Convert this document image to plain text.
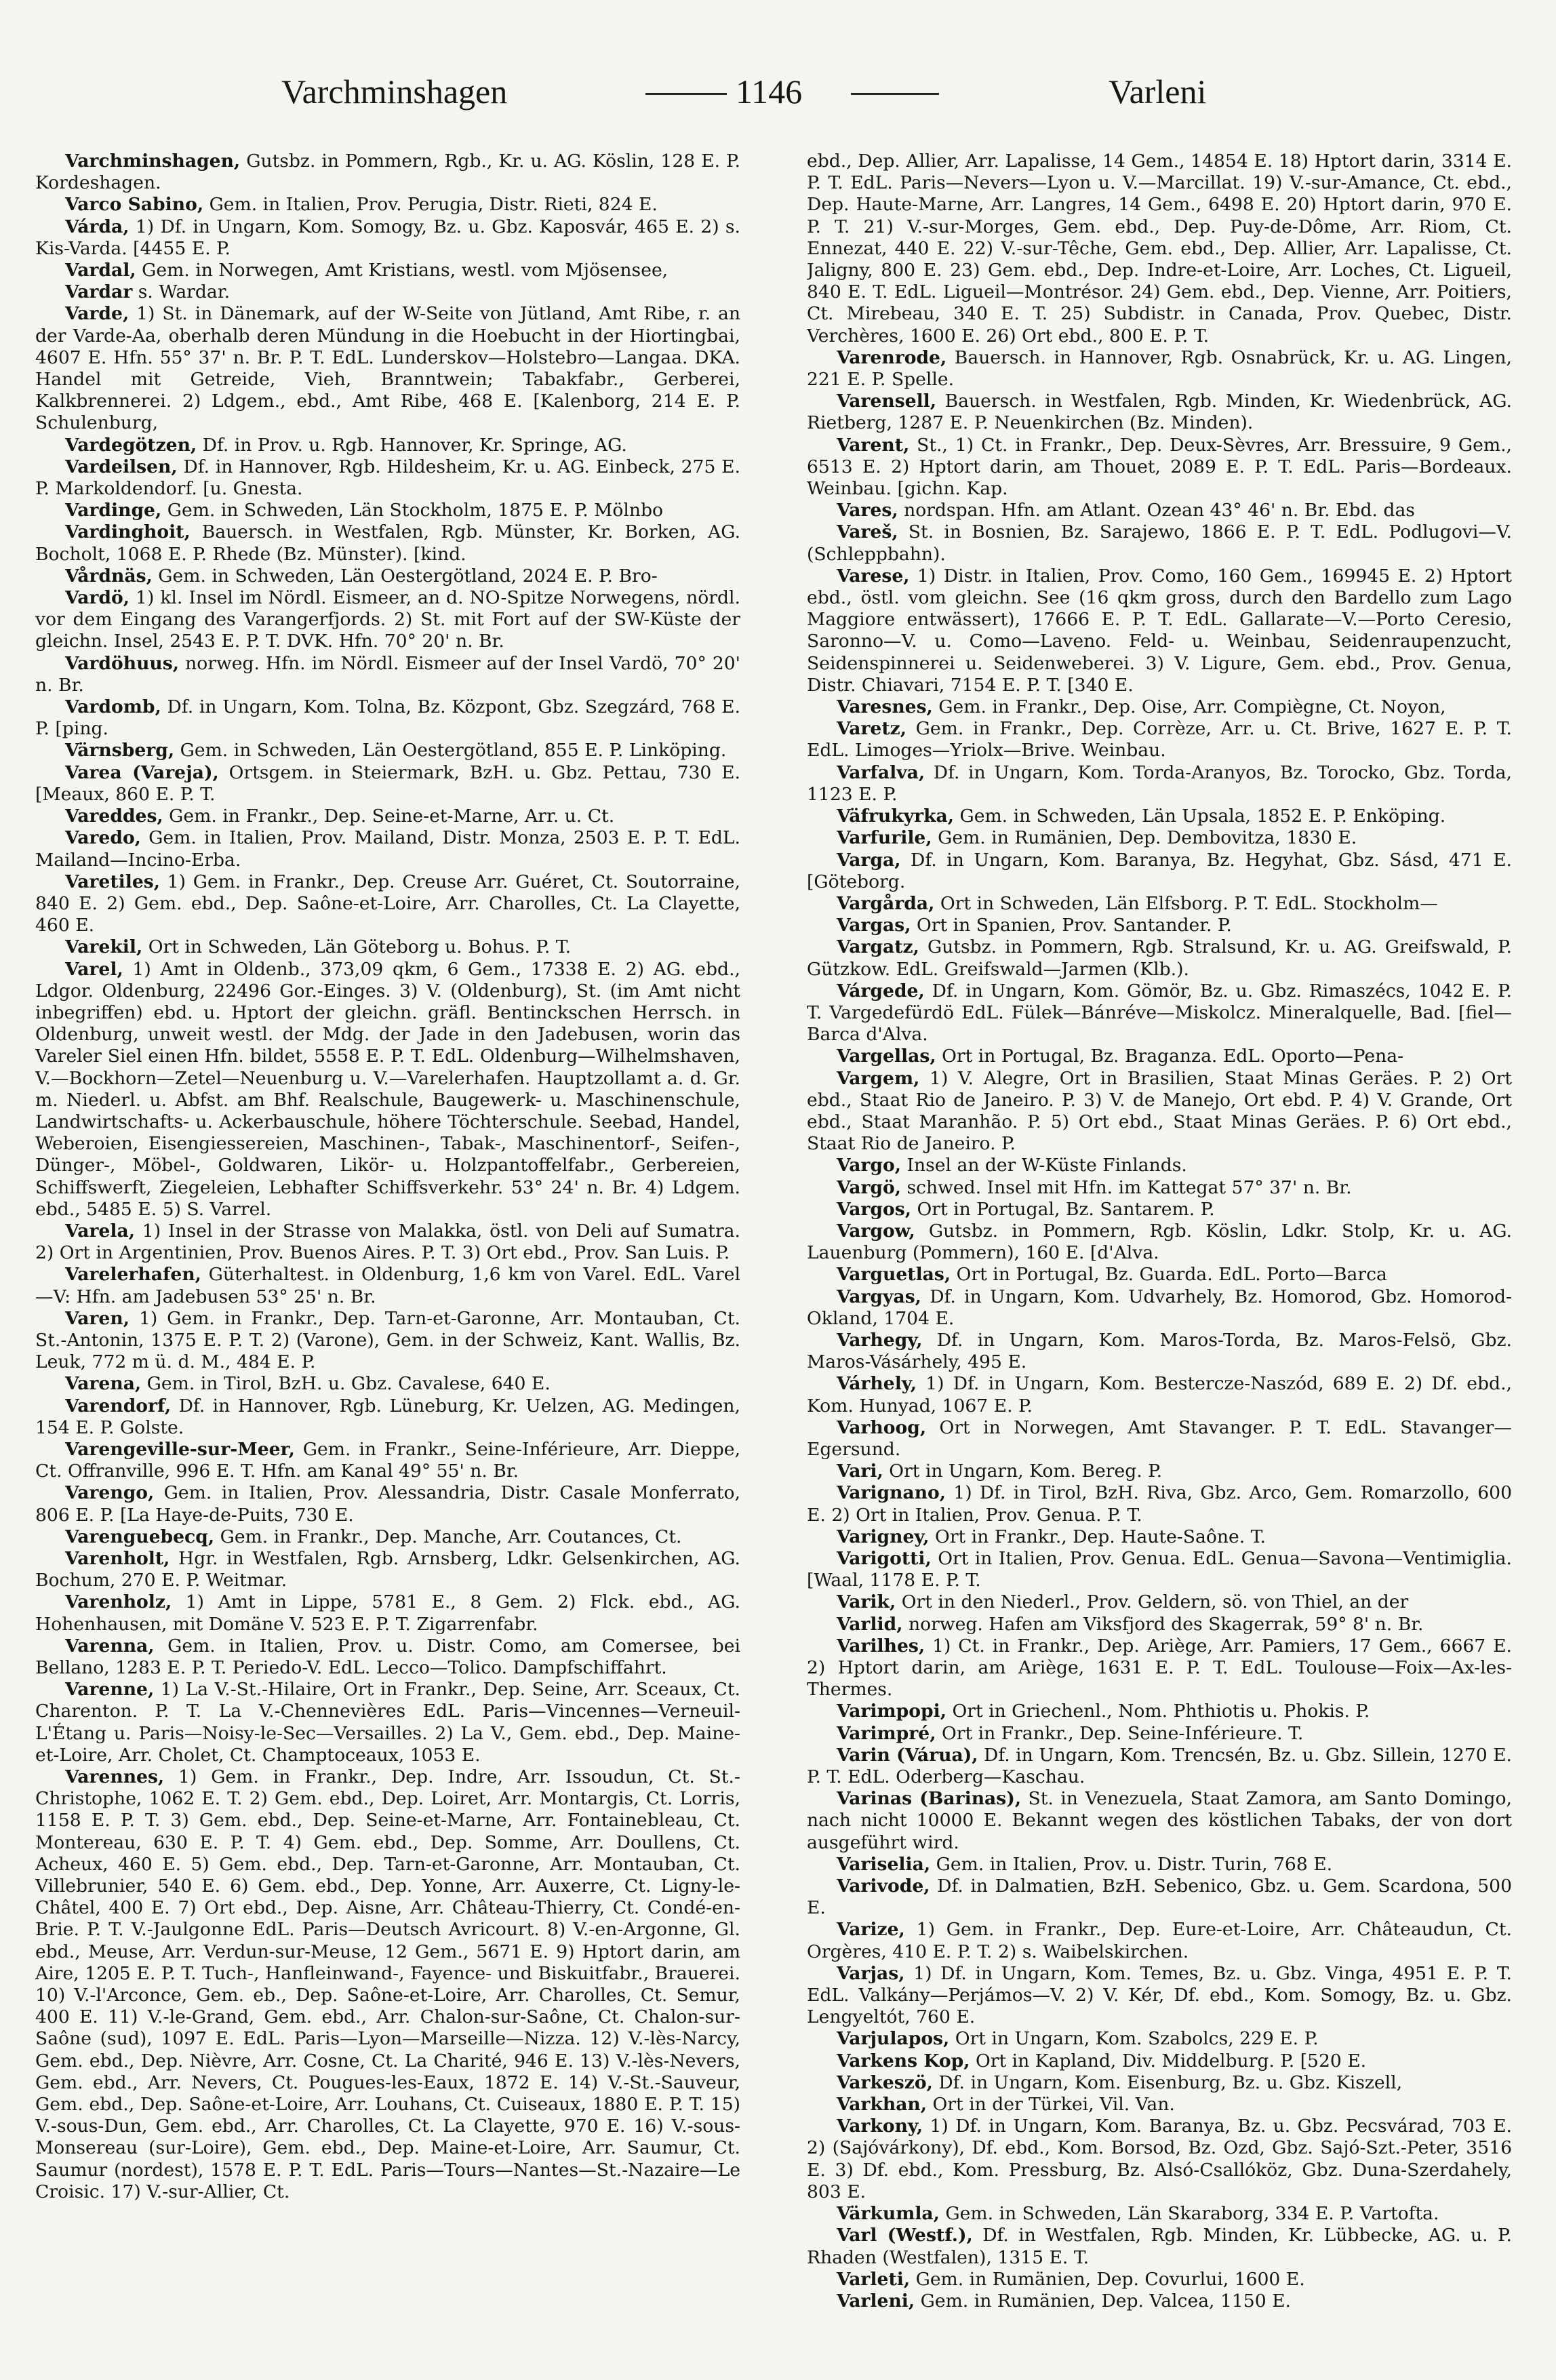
Varchminshagen	1146	Varleni

Varchminshagen, Gutsbz. in Pommern, Rgb., Kr. u. AG. Köslin, 128 E. P. Kordeshagen.

Varco Sabino, Gem. in Italien, Prov. Perugia, Distr. Rieti, 824 E.

Várda, 1) Df. in Ungarn, Kom. Somogy, Bz. u. Gbz. Kaposvár, 465 E. 2) s. Kis-Varda. [4455 E. P.

Vardal, Gem. in Norwegen, Amt Kristians, westl. vom Mjösensee,

Vardar s. Wardar.

Varde, 1) St. in Dänemark, auf der W-Seite von Jütland, Amt Ribe, r. an der Varde-Aa, oberhalb deren Mündung in die Hoebucht in der Hiortingbai, 4607 E. Hfn. 55° 37' n. Br. P. T. EdL. Lunderskov—Holstebro—Langaa. DKA. Handel mit Getreide, Vieh, Branntwein; Tabakfabr., Gerberei, Kalkbrennerei. 2) Ldgem., ebd., Amt Ribe, 468 E. [Kalenborg, 214 E. P. Schulenburg,

Vardegötzen, Df. in Prov. u. Rgb. Hannover, Kr. Springe, AG.

Vardeilsen, Df. in Hannover, Rgb. Hildesheim, Kr. u. AG. Einbeck, 275 E. P. Markoldendorf. [u. Gnesta.

Vardinge, Gem. in Schweden, Län Stockholm, 1875 E. P. Mölnbo

Vardinghoit, Bauersch. in Westfalen, Rgb. Münster, Kr. Borken, AG. Bocholt, 1068 E. P. Rhede (Bz. Münster). [kind.

Vårdnäs, Gem. in Schweden, Län Oestergötland, 2024 E. P. Bro-

Vardö, 1) kl. Insel im Nördl. Eismeer, an d. NO-Spitze Norwegens, nördl. vor dem Eingang des Varangerfjords. 2) St. mit Fort auf der SW-Küste der gleichn. Insel, 2543 E. P. T. DVK. Hfn. 70° 20' n. Br.

Vardöhuus, norweg. Hfn. im Nördl. Eismeer auf der Insel Vardö, 70° 20' n. Br.

Vardomb, Df. in Ungarn, Kom. Tolna, Bz. Központ, Gbz. Szegzárd, 768 E. P. [ping.

Värnsberg, Gem. in Schweden, Län Oestergötland, 855 E. P. Linköping.

Varea (Vareja), Ortsgem. in Steiermark, BzH. u. Gbz. Pettau, 730 E. [Meaux, 860 E. P. T.

Vareddes, Gem. in Frankr., Dep. Seine-et-Marne, Arr. u. Ct.

Varedo, Gem. in Italien, Prov. Mailand, Distr. Monza, 2503 E. P. T. EdL. Mailand—Incino-Erba.

Varetiles, 1) Gem. in Frankr., Dep. Creuse Arr. Guéret, Ct. Soutorraine, 840 E. 2) Gem. ebd., Dep. Saône-et-Loire, Arr. Charolles, Ct. La Clayette, 460 E.

Varekil, Ort in Schweden, Län Göteborg u. Bohus. P. T.

Varel, 1) Amt in Oldenb., 373,09 qkm, 6 Gem., 17338 E. 2) AG. ebd., Ldgor. Oldenburg, 22496 Gor.-Einges. 3) V. (Oldenburg), St. (im Amt nicht inbegriffen) ebd. u. Hptort der gleichn. gräfl. Bentinckschen Herrsch. in Oldenburg, unweit westl. der Mdg. der Jade in den Jadebusen, worin das Vareler Siel einen Hfn. bildet, 5558 E. P. T. EdL. Oldenburg—Wilhelmshaven, V.—Bockhorn—Zetel—Neuenburg u. V.—Varelerhafen. Hauptzollamt a. d. Gr. m. Niederl. u. Abfst. am Bhf. Realschule, Baugewerk- u. Maschinenschule, Landwirtschafts- u. Ackerbauschule, höhere Töchterschule. Seebad, Handel, Weberoien, Eisengiessereien, Maschinen-, Tabak-, Maschinentorf-, Seifen-, Dünger-, Möbel-, Goldwaren, Likör- u. Holzpantoffelfabr., Gerbereien, Schiffswerft, Ziegeleien, Lebhafter Schiffsverkehr. 53° 24' n. Br. 4) Ldgem. ebd., 5485 E. 5) S. Varrel.

Varela, 1) Insel in der Strasse von Malakka, östl. von Deli auf Sumatra. 2) Ort in Argentinien, Prov. Buenos Aires. P. T. 3) Ort ebd., Prov. San Luis. P.

Varelerhafen, Güterhaltest. in Oldenburg, 1,6 km von Varel. EdL. Varel—V: Hfn. am Jadebusen 53° 25' n. Br.

Varen, 1) Gem. in Frankr., Dep. Tarn-et-Garonne, Arr. Montauban, Ct. St.-Antonin, 1375 E. P. T. 2) (Varone), Gem. in der Schweiz, Kant. Wallis, Bz. Leuk, 772 m ü. d. M., 484 E. P.

Varena, Gem. in Tirol, BzH. u. Gbz. Cavalese, 640 E.

Varendorf, Df. in Hannover, Rgb. Lüneburg, Kr. Uelzen, AG. Medingen, 154 E. P. Golste.

Varengeville-sur-Meer, Gem. in Frankr., Seine-Inférieure, Arr. Dieppe, Ct. Offranville, 996 E. T. Hfn. am Kanal 49° 55' n. Br.

Varengo, Gem. in Italien, Prov. Alessandria, Distr. Casale Monferrato, 806 E. P. [La Haye-de-Puits, 730 E.

Varenguebecq, Gem. in Frankr., Dep. Manche, Arr. Coutances, Ct.

Varenholt, Hgr. in Westfalen, Rgb. Arnsberg, Ldkr. Gelsenkirchen, AG. Bochum, 270 E. P. Weitmar.

Varenholz, 1) Amt in Lippe, 5781 E., 8 Gem. 2) Flck. ebd., AG. Hohenhausen, mit Domäne V. 523 E. P. T. Zigarrenfabr.

Varenna, Gem. in Italien, Prov. u. Distr. Como, am Comersee, bei Bellano, 1283 E. P. T. Periedo-V. EdL. Lecco—Tolico. Dampfschiffahrt.

Varenne, 1) La V.-St.-Hilaire, Ort in Frankr., Dep. Seine, Arr. Sceaux, Ct. Charenton. P. T. La V.-Chennevières EdL. Paris—Vincennes—Verneuil-L'Étang u. Paris—Noisy-le-Sec—Versailles. 2) La V., Gem. ebd., Dep. Maine-et-Loire, Arr. Cholet, Ct. Champtoceaux, 1053 E.

Varennes, 1) Gem. in Frankr., Dep. Indre, Arr. Issoudun, Ct. St.-Christophe, 1062 E. T. 2) Gem. ebd., Dep. Loiret, Arr. Montargis, Ct. Lorris, 1158 E. P. T. 3) Gem. ebd., Dep. Seine-et-Marne, Arr. Fontainebleau, Ct. Montereau, 630 E. P. T. 4) Gem. ebd., Dep. Somme, Arr. Doullens, Ct. Acheux, 460 E. 5) Gem. ebd., Dep. Tarn-et-Garonne, Arr. Montauban, Ct. Villebrunier, 540 E. 6) Gem. ebd., Dep. Yonne, Arr. Auxerre, Ct. Ligny-le-Châtel, 400 E. 7) Ort ebd., Dep. Aisne, Arr. Château-Thierry, Ct. Condé-en-Brie. P. T. V.-Jaulgonne EdL. Paris—Deutsch Avricourt. 8) V.-en-Argonne, Gl. ebd., Meuse, Arr. Verdun-sur-Meuse, 12 Gem., 5671 E. 9) Hptort darin, am Aire, 1205 E. P. T. Tuch-, Hanfleinwand-, Fayence- und Biskuitfabr., Brauerei. 10) V.-l'Arconce, Gem. eb., Dep. Saône-et-Loire, Arr. Charolles, Ct. Semur, 400 E. 11) V.-le-Grand, Gem. ebd., Arr. Chalon-sur-Saône, Ct. Chalon-sur-Saône (sud), 1097 E. EdL. Paris—Lyon—Marseille—Nizza. 12) V.-lès-Narcy, Gem. ebd., Dep. Nièvre, Arr. Cosne, Ct. La Charité, 946 E. 13) V.-lès-Nevers, Gem. ebd., Arr. Nevers, Ct. Pougues-les-Eaux, 1872 E. 14) V.-St.-Sauveur, Gem. ebd., Dep. Saône-et-Loire, Arr. Louhans, Ct. Cuiseaux, 1880 E. P. T. 15) V.-sous-Dun, Gem. ebd., Arr. Charolles, Ct. La Clayette, 970 E. 16) V.-sous-Monsereau (sur-Loire), Gem. ebd., Dep. Maine-et-Loire, Arr. Saumur, Ct. Saumur (nordest), 1578 E. P. T. EdL. Paris—Tours—Nantes—St.-Nazaire—Le Croisic. 17) V.-sur-Allier, Ct.

ebd., Dep. Allier, Arr. Lapalisse, 14 Gem., 14854 E. 18) Hptort darin, 3314 E. P. T. EdL. Paris—Nevers—Lyon u. V.—Marcillat. 19) V.-sur-Amance, Ct. ebd., Dep. Haute-Marne, Arr. Langres, 14 Gem., 6498 E. 20) Hptort darin, 970 E. P. T. 21) V.-sur-Morges, Gem. ebd., Dep. Puy-de-Dôme, Arr. Riom, Ct. Ennezat, 440 E. 22) V.-sur-Têche, Gem. ebd., Dep. Allier, Arr. Lapalisse, Ct. Jaligny, 800 E. 23) Gem. ebd., Dep. Indre-et-Loire, Arr. Loches, Ct. Ligueil, 840 E. T. EdL. Ligueil—Montrésor. 24) Gem. ebd., Dep. Vienne, Arr. Poitiers, Ct. Mirebeau, 340 E. T. 25) Subdistr. in Canada, Prov. Quebec, Distr. Verchères, 1600 E. 26) Ort ebd., 800 E. P. T.

Varenrode, Bauersch. in Hannover, Rgb. Osnabrück, Kr. u. AG. Lingen, 221 E. P. Spelle.

Varensell, Bauersch. in Westfalen, Rgb. Minden, Kr. Wiedenbrück, AG. Rietberg, 1287 E. P. Neuenkirchen (Bz. Minden).

Varent, St., 1) Ct. in Frankr., Dep. Deux-Sèvres, Arr. Bressuire, 9 Gem., 6513 E. 2) Hptort darin, am Thouet, 2089 E. P. T. EdL. Paris—Bordeaux. Weinbau. [gichn. Kap.

Vares, nordspan. Hfn. am Atlant. Ozean 43° 46' n. Br. Ebd. das

Vareš, St. in Bosnien, Bz. Sarajewo, 1866 E. P. T. EdL. Podlugovi—V. (Schleppbahn).

Varese, 1) Distr. in Italien, Prov. Como, 160 Gem., 169945 E. 2) Hptort ebd., östl. vom gleichn. See (16 qkm gross, durch den Bardello zum Lago Maggiore entwässert), 17666 E. P. T. EdL. Gallarate—V.—Porto Ceresio, Saronno—V. u. Como—Laveno. Feld- u. Weinbau, Seidenraupenzucht, Seidenspinnerei u. Seidenweberei. 3) V. Ligure, Gem. ebd., Prov. Genua, Distr. Chiavari, 7154 E. P. T. [340 E.

Varesnes, Gem. in Frankr., Dep. Oise, Arr. Compiègne, Ct. Noyon,

Varetz, Gem. in Frankr., Dep. Corrèze, Arr. u. Ct. Brive, 1627 E. P. T. EdL. Limoges—Yriolx—Brive. Weinbau.

Varfalva, Df. in Ungarn, Kom. Torda-Aranyos, Bz. Torocko, Gbz. Torda, 1123 E. P.

Väfrukyrka, Gem. in Schweden, Län Upsala, 1852 E. P. Enköping.

Varfurile, Gem. in Rumänien, Dep. Dembovitza, 1830 E.

Varga, Df. in Ungarn, Kom. Baranya, Bz. Hegyhat, Gbz. Sásd, 471 E. [Göteborg.

Vargårda, Ort in Schweden, Län Elfsborg. P. T. EdL. Stockholm—

Vargas, Ort in Spanien, Prov. Santander. P.

Vargatz, Gutsbz. in Pommern, Rgb. Stralsund, Kr. u. AG. Greifswald, P. Gützkow. EdL. Greifswald—Jarmen (Klb.).

Várgede, Df. in Ungarn, Kom. Gömör, Bz. u. Gbz. Rimaszécs, 1042 E. P. T. Vargedefürdö EdL. Fülek—Bánréve—Miskolcz. Mineralquelle, Bad. [fiel—Barca d'Alva.

Vargellas, Ort in Portugal, Bz. Braganza. EdL. Oporto—Pena-

Vargem, 1) V. Alegre, Ort in Brasilien, Staat Minas Geräes. P. 2) Ort ebd., Staat Rio de Janeiro. P. 3) V. de Manejo, Ort ebd. P. 4) V. Grande, Ort ebd., Staat Maranhão. P. 5) Ort ebd., Staat Minas Geräes. P. 6) Ort ebd., Staat Rio de Janeiro. P.

Vargo, Insel an der W-Küste Finlands.

Vargö, schwed. Insel mit Hfn. im Kattegat 57° 37' n. Br.

Vargos, Ort in Portugal, Bz. Santarem. P.

Vargow, Gutsbz. in Pommern, Rgb. Köslin, Ldkr. Stolp, Kr. u. AG. Lauenburg (Pommern), 160 E. [d'Alva.

Varguetlas, Ort in Portugal, Bz. Guarda. EdL. Porto—Barca

Vargyas, Df. in Ungarn, Kom. Udvarhely, Bz. Homorod, Gbz. Homorod-Okland, 1704 E.

Varhegy, Df. in Ungarn, Kom. Maros-Torda, Bz. Maros-Felsö, Gbz. Maros-Vásárhely, 495 E.

Várhely, 1) Df. in Ungarn, Kom. Bestercze-Naszód, 689 E. 2) Df. ebd., Kom. Hunyad, 1067 E. P.

Varhoog, Ort in Norwegen, Amt Stavanger. P. T. EdL. Stavanger—Egersund.

Vari, Ort in Ungarn, Kom. Bereg. P.

Varignano, 1) Df. in Tirol, BzH. Riva, Gbz. Arco, Gem. Romarzollo, 600 E. 2) Ort in Italien, Prov. Genua. P. T.

Varigney, Ort in Frankr., Dep. Haute-Saône. T.

Varigotti, Ort in Italien, Prov. Genua. EdL. Genua—Savona—Ventimiglia. [Waal, 1178 E. P. T.

Varik, Ort in den Niederl., Prov. Geldern, sö. von Thiel, an der

Varlid, norweg. Hafen am Viksfjord des Skagerrak, 59° 8' n. Br.

Varilhes, 1) Ct. in Frankr., Dep. Ariège, Arr. Pamiers, 17 Gem., 6667 E. 2) Hptort darin, am Ariège, 1631 E. P. T. EdL. Toulouse—Foix—Ax-les-Thermes.

Varimpopi, Ort in Griechenl., Nom. Phthiotis u. Phokis. P.

Varimpré, Ort in Frankr., Dep. Seine-Inférieure. T.

Varin (Várua), Df. in Ungarn, Kom. Trencsén, Bz. u. Gbz. Sillein, 1270 E. P. T. EdL. Oderberg—Kaschau.

Varinas (Barinas), St. in Venezuela, Staat Zamora, am Santo Domingo, nach nicht 10000 E. Bekannt wegen des köstlichen Tabaks, der von dort ausgeführt wird.

Variselia, Gem. in Italien, Prov. u. Distr. Turin, 768 E.

Varivode, Df. in Dalmatien, BzH. Sebenico, Gbz. u. Gem. Scardona, 500 E.

Varize, 1) Gem. in Frankr., Dep. Eure-et-Loire, Arr. Châteaudun, Ct. Orgères, 410 E. P. T. 2) s. Waibelskirchen.

Varjas, 1) Df. in Ungarn, Kom. Temes, Bz. u. Gbz. Vinga, 4951 E. P. T. EdL. Valkány—Perjámos—V. 2) V. Kér, Df. ebd., Kom. Somogy, Bz. u. Gbz. Lengyeltót, 760 E.

Varjulapos, Ort in Ungarn, Kom. Szabolcs, 229 E. P.

Varkens Kop, Ort in Kapland, Div. Middelburg. P. [520 E.

Varkeszö, Df. in Ungarn, Kom. Eisenburg, Bz. u. Gbz. Kiszell,

Varkhan, Ort in der Türkei, Vil. Van.

Varkony, 1) Df. in Ungarn, Kom. Baranya, Bz. u. Gbz. Pecsvárad, 703 E. 2) (Sajóvárkony), Df. ebd., Kom. Borsod, Bz. Ozd, Gbz. Sajó-Szt.-Peter, 3516 E. 3) Df. ebd., Kom. Pressburg, Bz. Alsó-Csallóköz, Gbz. Duna-Szerdahely, 803 E.

Värkumla, Gem. in Schweden, Län Skaraborg, 334 E. P. Vartofta.

Varl (Westf.), Df. in Westfalen, Rgb. Minden, Kr. Lübbecke, AG. u. P. Rhaden (Westfalen), 1315 E. T.

Varleti, Gem. in Rumänien, Dep. Covurlui, 1600 E.

Varleni, Gem. in Rumänien, Dep. Valcea, 1150 E.
